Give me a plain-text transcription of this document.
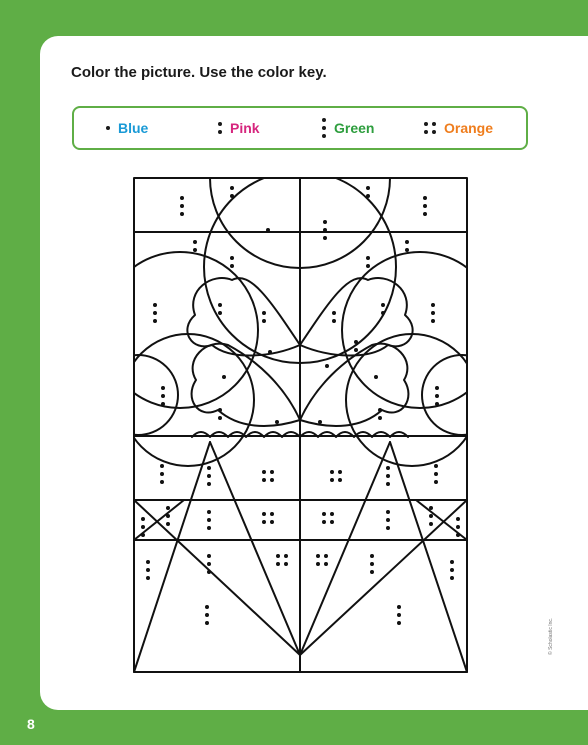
Color the picture. Use the color key.
Blue	Pink	Green	Orange
© Scholastic Inc.
8
